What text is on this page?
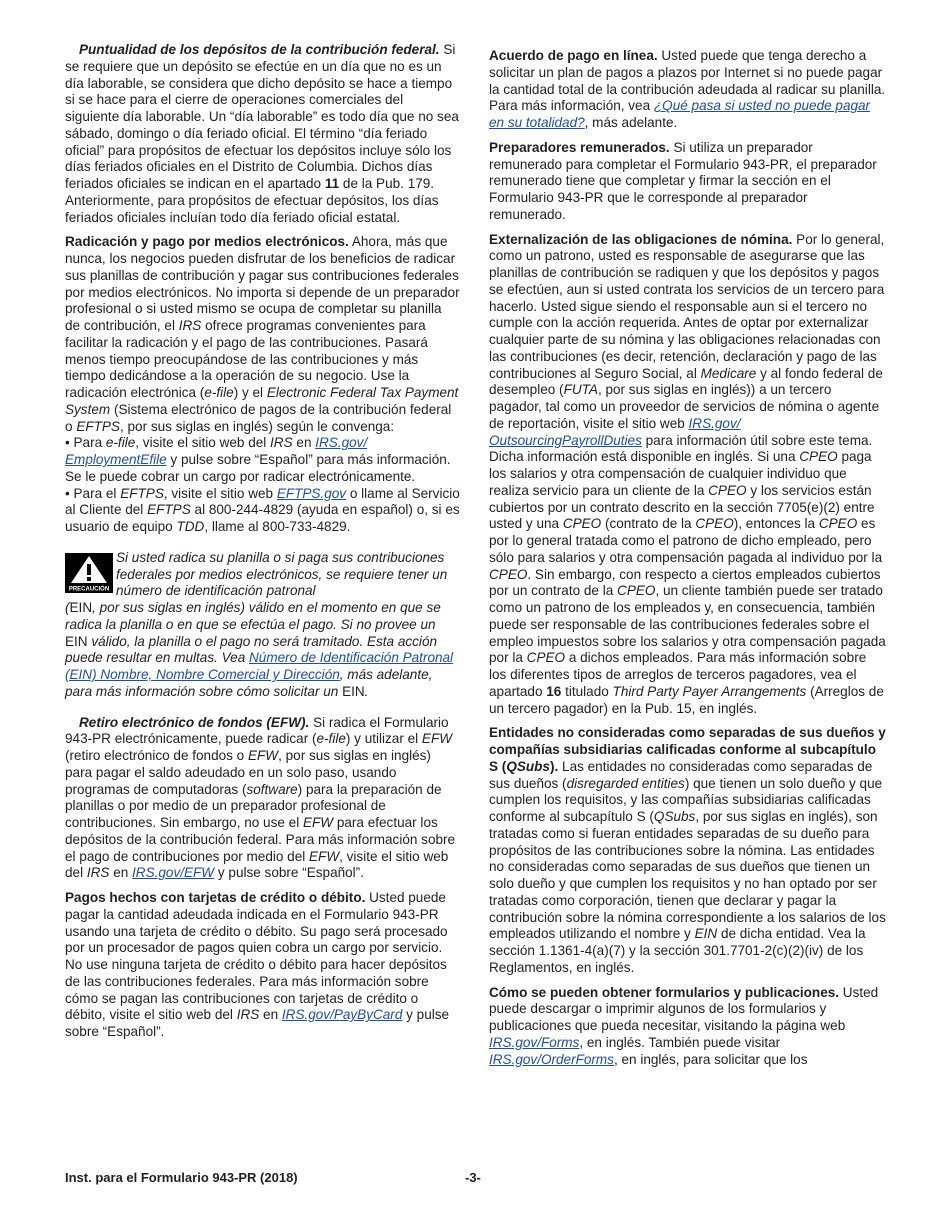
Puntualidad de los depósitos de la contribución federal. Si se requiere que un depósito se efectúe en un día que no es un día laborable, se considera que dicho depósito se hace a tiempo si se hace para el cierre de operaciones comerciales del siguiente día laborable. Un “día laborable” es todo día que no sea sábado, domingo o día feriado oficial. El término “día feriado oficial” para propósitos de efectuar los depósitos incluye sólo los días feriados oficiales en el Distrito de Columbia. Dichos días feriados oficiales se indican en el apartado 11 de la Pub. 179. Anteriormente, para propósitos de efectuar depósitos, los días feriados oficiales incluían todo día feriado oficial estatal.

Radicación y pago por medios electrónicos. Ahora, más que nunca, los negocios pueden disfrutar de los beneficios de radicar sus planillas de contribución y pagar sus contribuciones federales por medios electrónicos. No importa si depende de un preparador profesional o si usted mismo se ocupa de completar su planilla de contribución, el IRS ofrece programas convenientes para facilitar la radicación y el pago de las contribuciones. Pasará menos tiempo preocupándose de las contribuciones y más tiempo dedicándose a la operación de su negocio. Use la radicación electrónica (e-file) y el Electronic Federal Tax Payment System (Sistema electrónico de pagos de la contribución federal o EFTPS, por sus siglas en inglés) según le convenga:

• Para e-file, visite el sitio web del IRS en IRS.gov/ EmploymentEfile y pulse sobre “Español” para más información. Se le puede cobrar un cargo por radicar electrónicamente.

• Para el EFTPS, visite el sitio web EFTPS.gov o llame al Servicio al Cliente del EFTPS al 800-244-4829 (ayuda en español) o, si es usuario de equipo TDD, llame al 800-733-4829.

PRECAUCIÓN
Si usted radica su planilla o si paga sus contribuciones federales por medios electrónicos, se requiere tener un número de identificación patronal
(EIN, por sus siglas en inglés) válido en el momento en que se radica la planilla o en que se efectúa el pago. Si no provee un EIN válido, la planilla o el pago no será tramitado. Esta acción puede resultar en multas. Vea Número de Identificación Patronal (EIN) Nombre, Nombre Comercial y Dirección, más adelante, para más información sobre cómo solicitar un EIN.

Retiro electrónico de fondos (EFW). Si radica el Formulario 943-PR electrónicamente, puede radicar (e-file) y utilizar el EFW (retiro electrónico de fondos o EFW, por sus siglas en inglés) para pagar el saldo adeudado en un solo paso, usando programas de computadoras (software) para la preparación de planillas o por medio de un preparador profesional de contribuciones. Sin embargo, no use el EFW para efectuar los depósitos de la contribución federal. Para más información sobre el pago de contribuciones por medio del EFW, visite el sitio web del IRS en IRS.gov/EFW y pulse sobre “Español”.

Pagos hechos con tarjetas de crédito o débito. Usted puede pagar la cantidad adeudada indicada en el Formulario 943-PR usando una tarjeta de crédito o débito. Su pago será procesado por un procesador de pagos quien cobra un cargo por servicio. No use ninguna tarjeta de crédito o débito para hacer depósitos de las contribuciones federales. Para más información sobre cómo se pagan las contribuciones con tarjetas de crédito o débito, visite el sitio web del IRS en IRS.gov/PayByCard y pulse sobre “Español”.

Acuerdo de pago en línea. Usted puede que tenga derecho a solicitar un plan de pagos a plazos por Internet si no puede pagar la cantidad total de la contribución adeudada al radicar su planilla. Para más información, vea ¿Qué pasa si usted no puede pagar en su totalidad?, más adelante.

Preparadores remunerados. Si utiliza un preparador remunerado para completar el Formulario 943-PR, el preparador remunerado tiene que completar y firmar la sección en el Formulario 943-PR que le corresponde al preparador remunerado.

Externalización de las obligaciones de nómina. Por lo general, como un patrono, usted es responsable de asegurarse que las planillas de contribución se radiquen y que los depósitos y pagos se efectúen, aun si usted contrata los servicios de un tercero para hacerlo. Usted sigue siendo el responsable aun si el tercero no cumple con la acción requerida. Antes de optar por externalizar cualquier parte de su nómina y las obligaciones relacionadas con las contribuciones (es decir, retención, declaración y pago de las contribuciones al Seguro Social, al Medicare y al fondo federal de desempleo (FUTA, por sus siglas en inglés)) a un tercero pagador, tal como un proveedor de servicios de nómina o agente de reportación, visite el sitio web IRS.gov/ OutsourcingPayrollDuties para información útil sobre este tema. Dicha información está disponible en inglés. Si una CPEO paga los salarios y otra compensación de cualquier individuo que realiza servicio para un cliente de la CPEO y los servicios están cubiertos por un contrato descrito en la sección 7705(e)(2) entre usted y una CPEO (contrato de la CPEO), entonces la CPEO es por lo general tratada como el patrono de dicho empleado, pero sólo para salarios y otra compensación pagada al individuo por la CPEO. Sin embargo, con respecto a ciertos empleados cubiertos por un contrato de la CPEO, un cliente también puede ser tratado como un patrono de los empleados y, en consecuencia, también puede ser responsable de las contribuciones federales sobre el empleo impuestos sobre los salarios y otra compensación pagada por la CPEO a dichos empleados. Para más información sobre los diferentes tipos de arreglos de terceros pagadores, vea el apartado 16 titulado Third Party Payer Arrangements (Arreglos de un tercero pagador) en la Pub. 15, en inglés.

Entidades no consideradas como separadas de sus dueños y compañías subsidiarias calificadas conforme al subcapítulo S (QSubs). Las entidades no consideradas como separadas de sus dueños (disregarded entities) que tienen un solo dueño y que cumplen los requisitos, y las compañías subsidiarias calificadas conforme al subcapítulo S (QSubs, por sus siglas en inglés), son tratadas como si fueran entidades separadas de su dueño para propósitos de las contribuciones sobre la nómina. Las entidades no consideradas como separadas de sus dueños que tienen un solo dueño y que cumplen los requisitos y no han optado por ser tratadas como corporación, tienen que declarar y pagar la contribución sobre la nómina correspondiente a los salarios de los empleados utilizando el nombre y EIN de dicha entidad. Vea la sección 1.1361-4(a)(7) y la sección 301.7701-2(c)(2)(iv) de los Reglamentos, en inglés.

Cómo se pueden obtener formularios y publicaciones. Usted puede descargar o imprimir algunos de los formularios y publicaciones que pueda necesitar, visitando la página web IRS.gov/Forms, en inglés. También puede visitar IRS.gov/OrderForms, en inglés, para solicitar que los

Inst. para el Formulario 943-PR (2018)	-3-
